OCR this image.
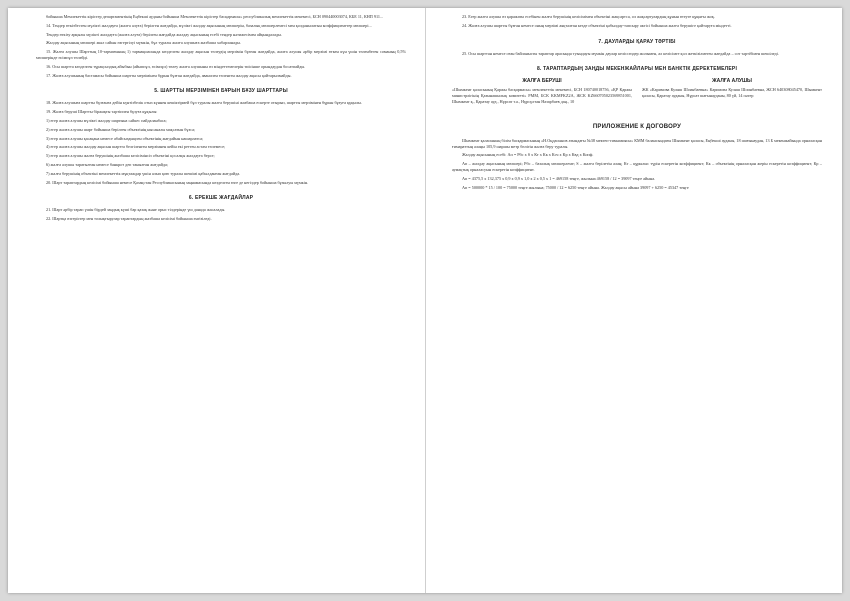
бойынша Мемлекеттік кірістер департаментінің Еңбекші ауданы бойынша Мемлекеттік кірістер басқармасы» республикалық мемлекеттік мекемесі, БСН 090440003074, КБЕ 11, КНП 911...

14. Тендер өткізбестен мүлікті жалдауға (жалға алуға) берілген жағдайда, мүлікті жалдау ақысының мөлшерін, базалық мөлшерлемесі мен қолданылатын коэффициенттер мөлшері...

Тендер өткізу арқылы мүлікті жалдауға (жалға алуға) берілген жағдайда жалдау ақысының есебі тендер нәтижесімен айқындалады.

Жалдау ақысының мөлшері жыл сайын өзгертілуі мүмкін, бұл туралы жалға алушыға жазбаша хабарланады.

15. Жалға алушы Шарттың 10-тармағының 1) тармақшасында көзделген жалдау ақысын төлеудің мерзімін бұзған жағдайда, жалға алушы әрбір мерзімі өткен күн үшін төленбеген соманың 0,5% мөлшерінде өсімпұл төлейді.

16. Осы шартта көзделген тұрақсыздық айыбын (айыппұл, өсімпұл) төлеу жалға алушыны өз міндеттемелерін тиісінше орындаудан босатпайды.

17. Жалға алушының бастамасы бойынша шартты мерзімінен бұрын бұзған жағдайда, аванспен төленген жалдау ақысы қайтарылмайды.

5. ШАРТТЫ МЕРЗІМІНЕН БҰРЫН БҰЗУ ШАРТТАРЫ

18. Жалға алушыға шартты бұзғанға дейін күнтізбелік отыз күннен кешіктірмей бұл туралы жалға берушіні жазбаша ескерте отырып, шартты мерзімінен бұрын бұзуға құқылы.

19. Жалға беруші Шартты біржақты тәртіппен бұзуға құқылы:

1) егер жалға алушы мүлікті жалдау шартына сәйкес пайдаланбаса;

2) егер жалға алушы шарт бойынша берілген объектінің нысаналы мақсатын бұзса;

3) егер жалға алушы қасақана немесе абайсыздықпен объектінің жағдайын нашарлатса;

4) егер жалға алушы жалдау ақысын шартта белгіленген мерзімнен кейін екі реттен астам төлемесе;

5) егер жалға алушы жалға берушінің жазбаша келісімінсіз объектіні қосалқы жалдауға берсе;

6) жалға алушы таратылған немесе банкрот деп танылған жағдайда;

7) жалға берушінің объектіні мемлекеттік мұқтаждар үшін алып қою туралы шешімі қабылданған жағдайда.

20. Шарт тараптардың келісімі бойынша немесе Қазақстан Республикасының заңнамасында көзделген өзге де негіздер бойынша бұзылуы мүмкін.

6. ЕРЕКШЕ ЖАҒДАЙЛАР

21. Шарт әрбір тарап үшін бірдей заңдық күші бар қазақ және орыс тілдерінде үш данада жасалады.

22. Шартқа өзгерістер мен толықтырулар тараптардың жазбаша келісімі бойынша енгізіледі.

23. Егер жалға алушы өз қаражаты есебінен жалға берушінің келісімімен объектіні жақсартса, ол жақсартулардың құнын өтеуге құқығы жоқ.

24. Жалға алушы шартты бұзған немесе оның мерзімі аяқталған кезде объектіні қабылдау-тапсыру актісі бойынша жалға берушіге қайтаруға міндетті.

7. ДАУЛАРДЫ ҚАРАУ ТӘРТІБІ

25. Осы шарттан немесе оған байланысты тараптар арасында туындауы мүмкін даулар келіссөздер жолымен, ал келісімге қол жеткізілмеген жағдайда – сот тәртібімен шешіледі.

8. ТАРАПТАРДЫҢ ЗАҢДЫ МЕКЕНЖАЙЛАРЫ МЕН БАНКТІК ДЕРЕКТЕМЕЛЕРІ
ЖАЛҒА БЕРУШІ

«Шымкент қаласының Қаржы басқармасы» мемлекеттік мекемесі, БСН 180740018756, «ҚР Қаржы министрлігінің Қазынашылық комитеті» РММ, БСК KKMFKZ2A, ЖСК KZ660705023569851001, Шымкент қ., Қаратау ауд., Нұрсат т.а., Нұрсұлтан Назарбаев даң., 10

ЖАЛҒА АЛУШЫ

ЖК «Каримова Куляш Шоинбаевна» Каримова Куляш Шоинбаевна, ЖСН 640308045470, Шымкент қаласы, Қаратау ауданы, Нұрсат шағынауданы, 80 үй, 14 пәтер

ПРИЛОЖЕНИЕ К ДОГОВОРУ

Шымкент қаласының білім басқармасының «Н.Оңдасынов атындағы №38 мектеп-гимназиясы» КММ балансындағы Шымкент қаласы, Еңбекші ауданы, 18 шағынаудан, 13 Б мекенжайында орналасқан ғимараттың алаңы 105,9 шаршы метр бөлігін жалға беру туралы.

Жалдау ақысының есебі: Ап = Рбс х S х Кт х Кк х Ксч х Кр х Квд х Копф.

Ап – жалдау ақысының мөлшері; Рбс – базалық мөлшерлеме; S – жалға берілетін алаң; Кт – құрылыс түрін ескеретін коэффициент; Кк – объектінің орналасқан жерін ескеретін коэффициент; Кр – аумақтық орналасуын ескеретін коэффициент.

Ап = 4375,5 х 132,375 х 0,9 х 0,9 х 1,0 х 2 х 0,5 х 1 = 469158 теңге, жылына 469158 / 12 = 39097 теңге айына.

Ап = 500000 * 15 / 100 = 75000 теңге жылына; 75000 / 12 = 6250 теңге айына. Жалдау ақысы айына 39097 + 6250 = 45347 теңге
